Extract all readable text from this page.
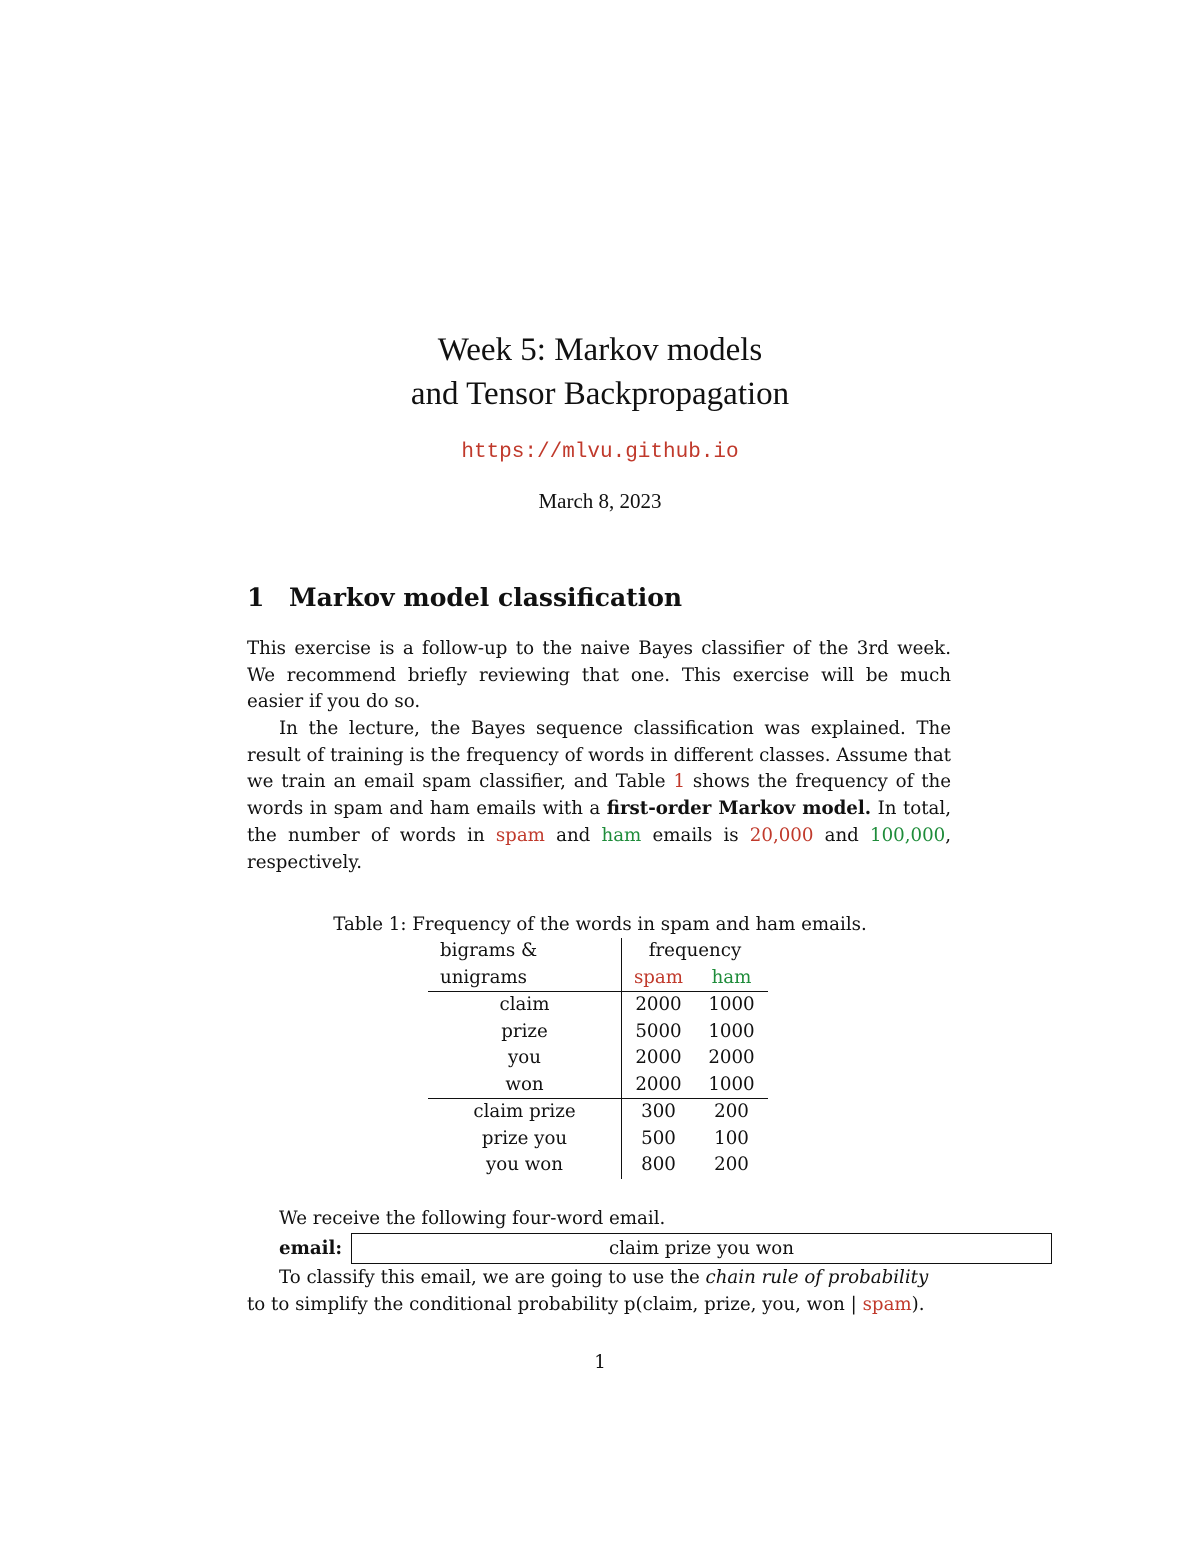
Week 5: Markov models
and Tensor Backpropagation
https://mlvu.github.io
March 8, 2023
1 Markov model classification
This exercise is a follow-up to the naive Bayes classifier of the 3rd week. We recommend briefly reviewing that one. This exercise will be much easier if you do so.
In the lecture, the Bayes sequence classification was explained. The result of training is the frequency of words in different classes. Assume that we train an email spam classifier, and Table 1 shows the frequency of the words in spam and ham emails with a first-order Markov model. In total, the number of words in spam and ham emails is 20,000 and 100,000, respectively.
Table 1: Frequency of the words in spam and ham emails.
bigrams &	frequency
unigrams	spam	ham
claim	2000	1000
prize	5000	1000
you	2000	2000
won	2000	1000
claim prize	300	200
prize you	500	100
you won	800	200
We receive the following four-word email.
email:	claim prize you won
To classify this email, we are going to use the chain rule of probability to to simplify the conditional probability p(claim, prize, you, won | spam).
1
